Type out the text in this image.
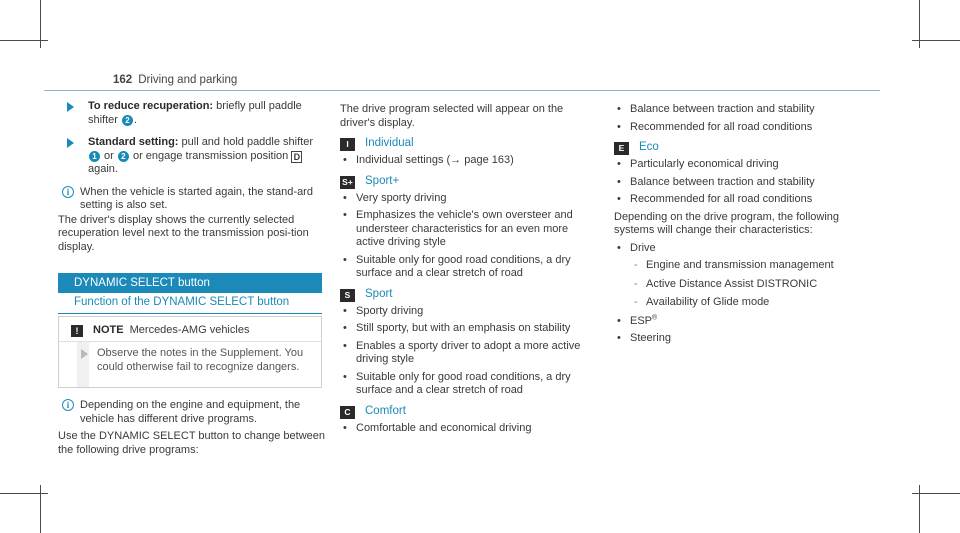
162 Driving and parking
To reduce recuperation: briefly pull paddle shifter 2 .
Standard setting: pull and hold paddle shifter 1 or 2 or engage transmission position D again.
i When the vehicle is started again, the stand-ard setting is also set.
The driver's display shows the currently selected recuperation level next to the transmission posi-tion display.
DYNAMIC SELECT button
Function of the DYNAMIC SELECT button
! NOTE Mercedes-AMG vehicles
Observe the notes in the Supplement. You could otherwise fail to recognize dangers.
i Depending on the engine and equipment, the vehicle has different drive programs.
Use the DYNAMIC SELECT button to change between the following drive programs:
The drive program selected will appear on the driver's display.
I Individual
• Individual settings (→ page 163)
S+ Sport+
• Very sporty driving
• Emphasizes the vehicle's own oversteer and understeer characteristics for an even more active driving style
• Suitable only for good road conditions, a dry surface and a clear stretch of road
S Sport
• Sporty driving
• Still sporty, but with an emphasis on stability
• Enables a sporty driver to adopt a more active driving style
• Suitable only for good road conditions, a dry surface and a clear stretch of road
C Comfort
• Comfortable and economical driving
• Balance between traction and stability
• Recommended for all road conditions
E Eco
• Particularly economical driving
• Balance between traction and stability
• Recommended for all road conditions
Depending on the drive program, the following systems will change their characteristics:
• Drive
- Engine and transmission management
- Active Distance Assist DISTRONIC
- Availability of Glide mode
• ESP®
• Steering
